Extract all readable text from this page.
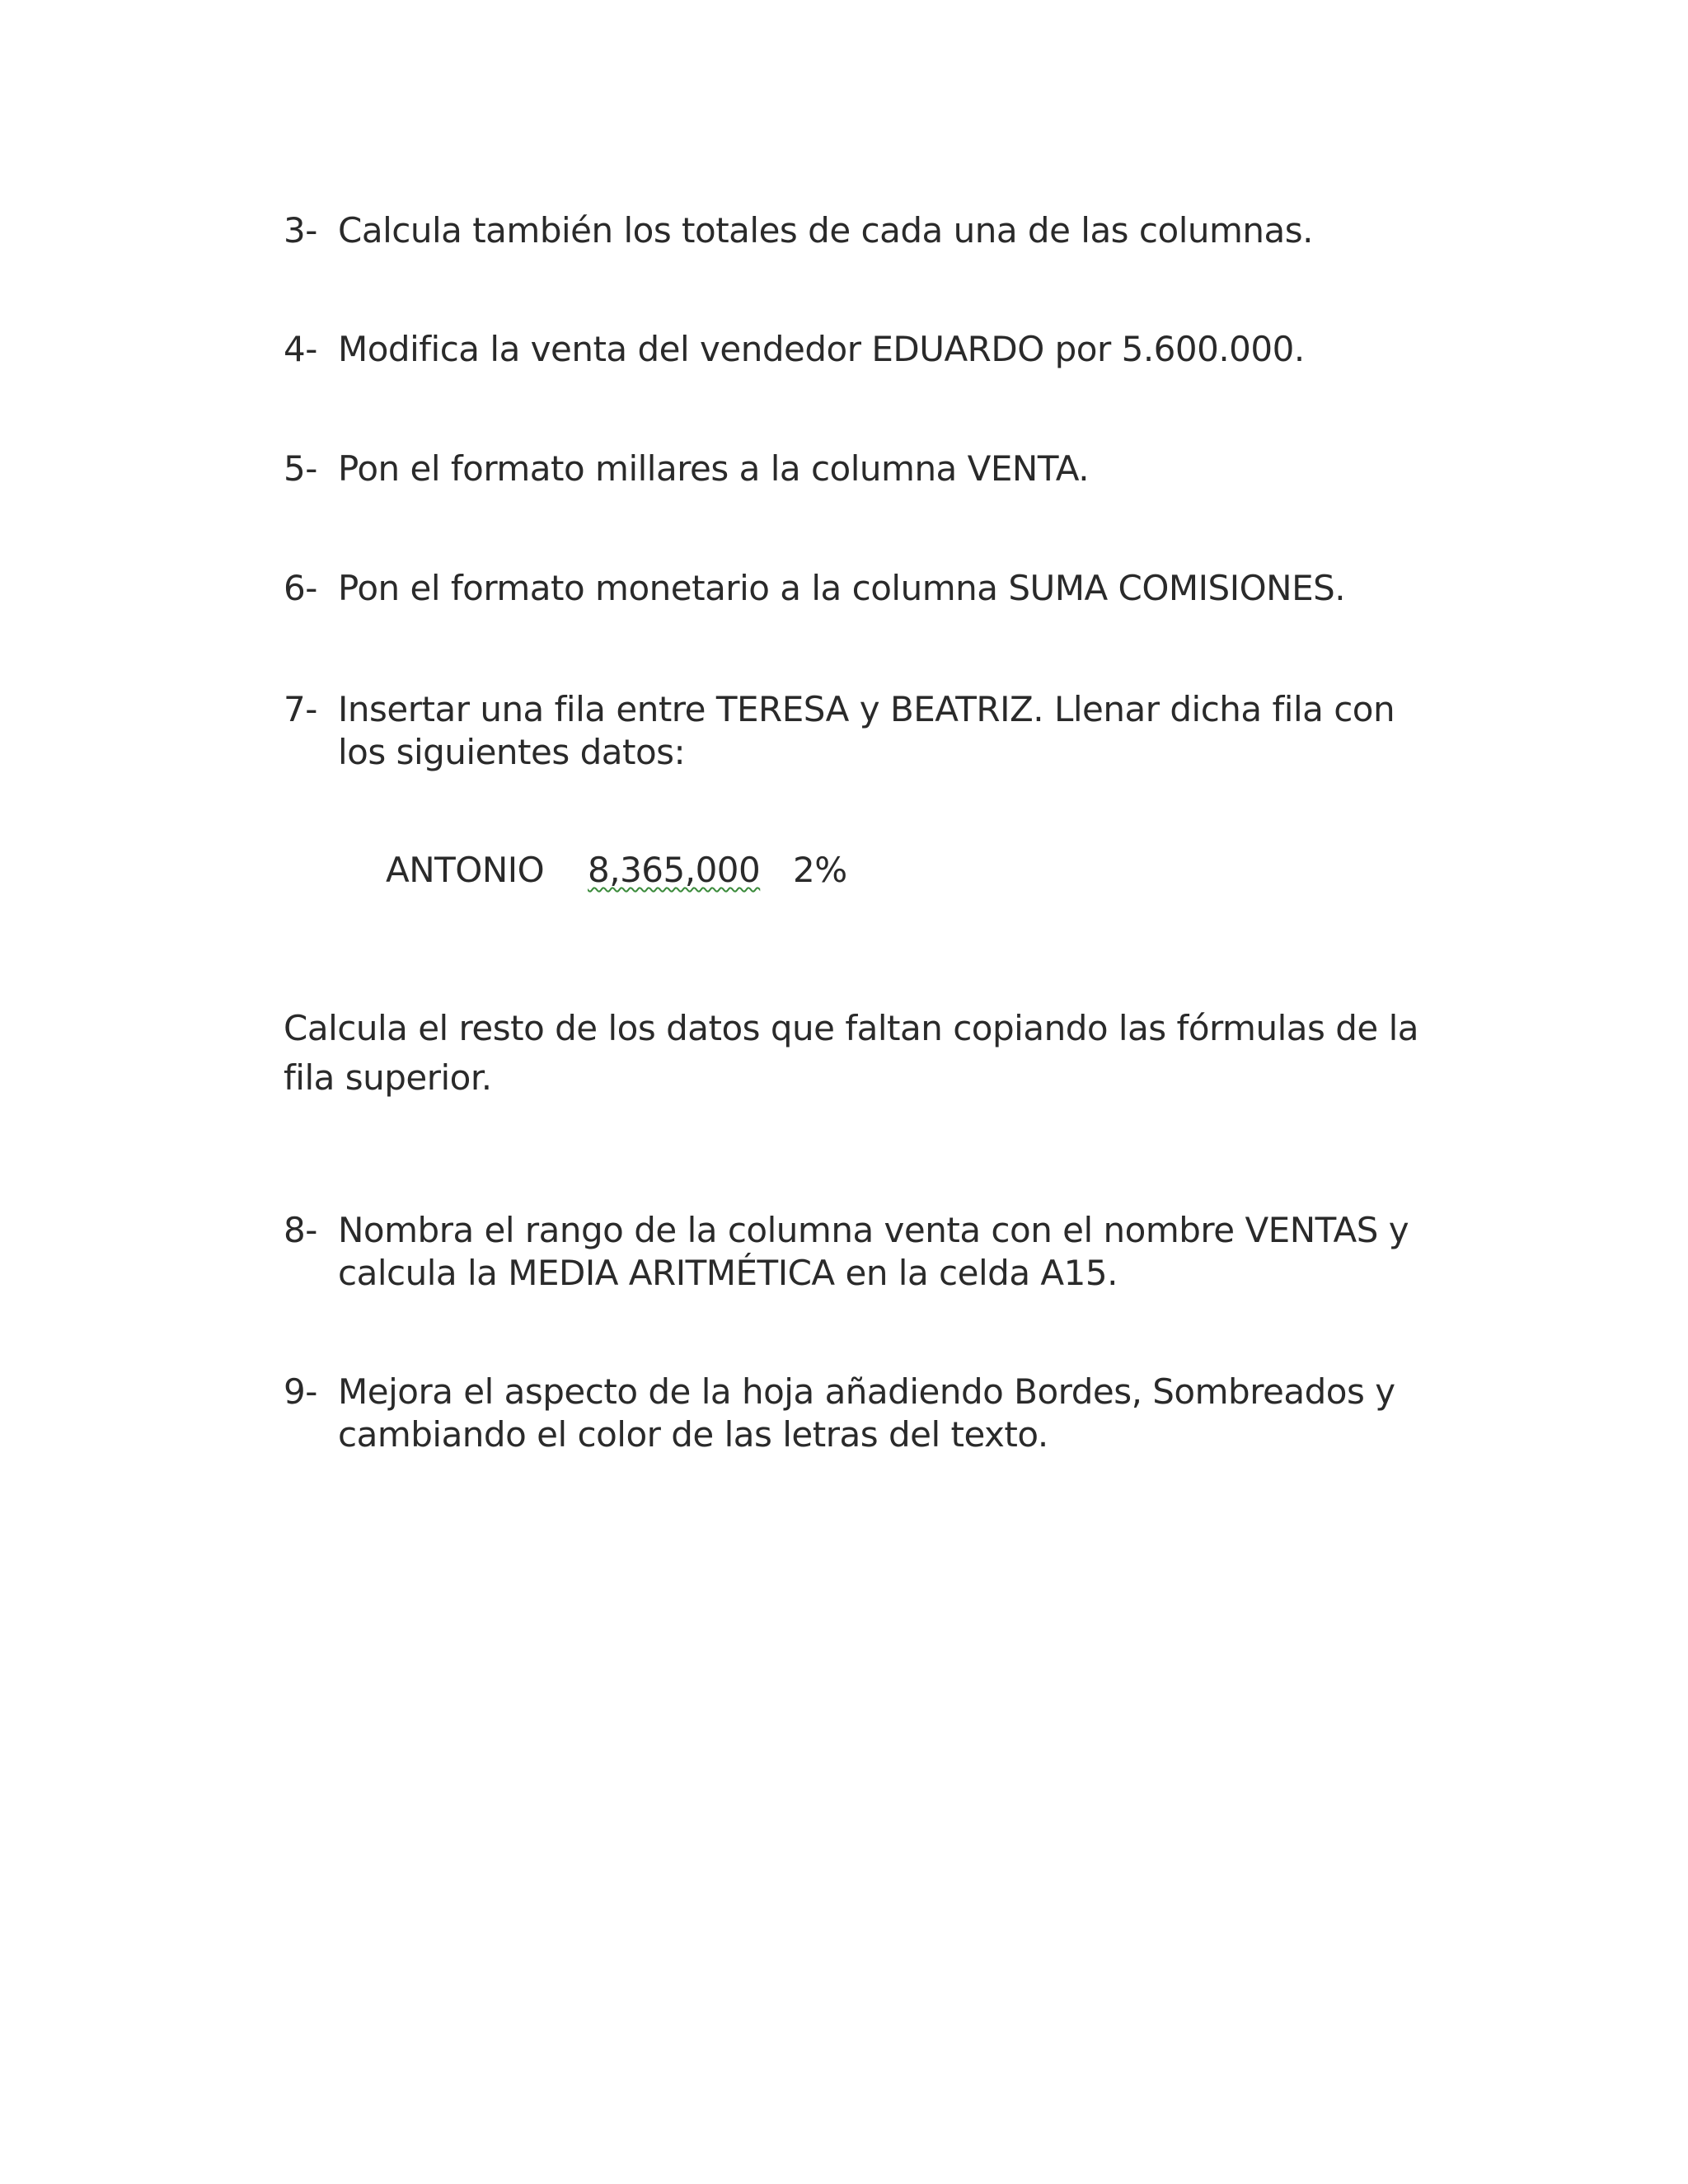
3- Calcula también los totales de cada una de las columnas.
4- Modifica la venta del vendedor EDUARDO por 5.600.000.
5- Pon el formato millares a la columna VENTA.
6- Pon el formato monetario a la columna SUMA COMISIONES.
7- Insertar una fila entre TERESA y BEATRIZ. Llenar dicha fila con los siguientes datos:
ANTONIO 8,365,000 2%
Calcula el resto de los datos que faltan copiando las fórmulas de la fila superior.
8- Nombra el rango de la columna venta con el nombre VENTAS y calcula la MEDIA ARITMÉTICA en la celda A15.
9- Mejora el aspecto de la hoja añadiendo Bordes, Sombreados y cambiando el color de las letras del texto.
